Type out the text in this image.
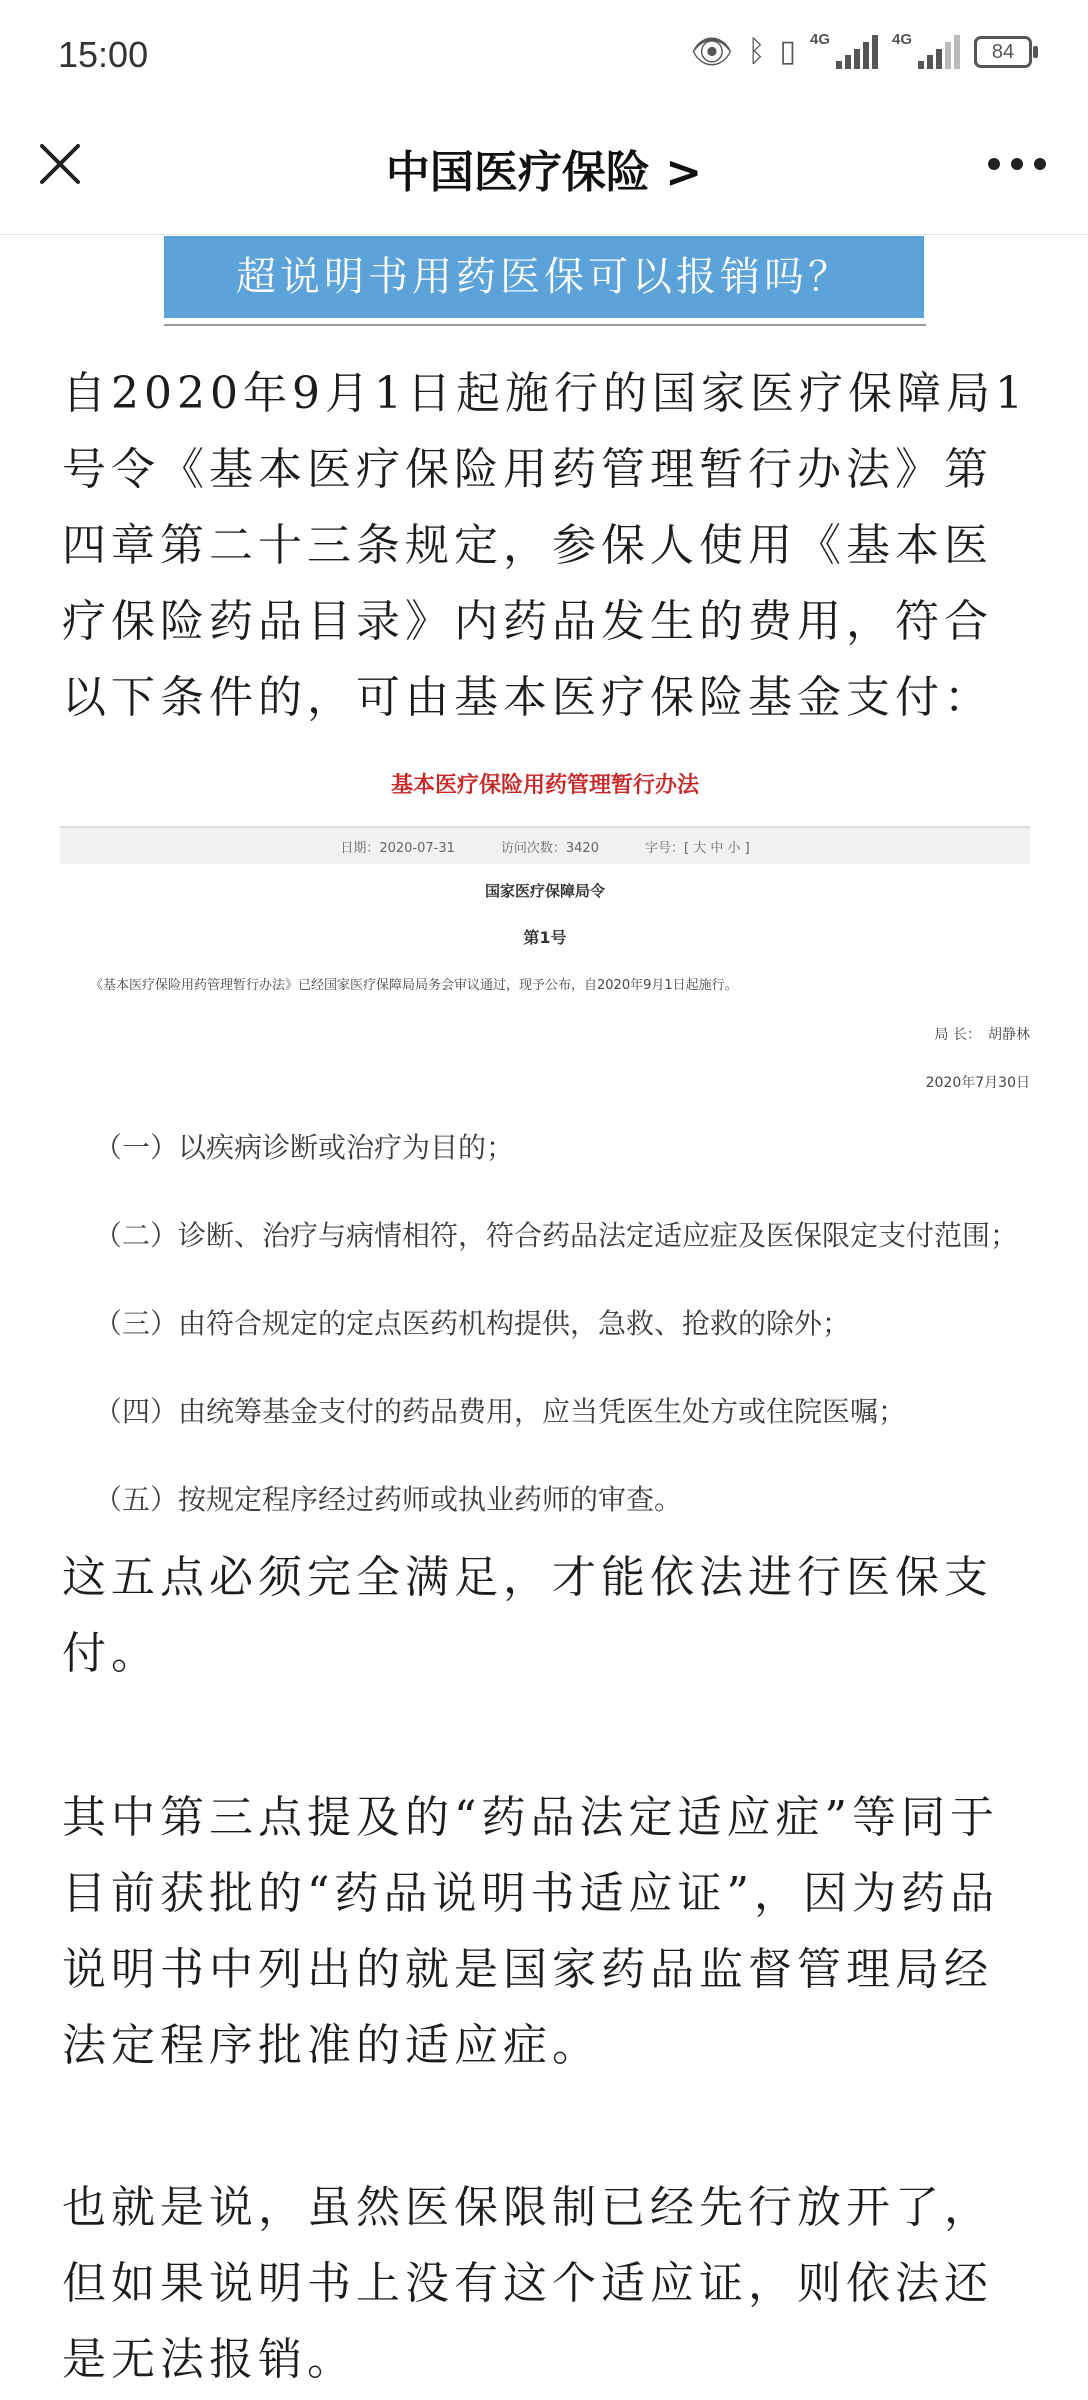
15:00	👁 ᛒ ▯ 4G	4G
84
中国医疗保险 >
超说明书用药医保可以报销吗？
自2020年9月1日起施行的国家医疗保障局1号令《基本医疗保险用药管理暂行办法》第四章第二十三条规定，参保人使用《基本医疗保险药品目录》内药品发生的费用，符合以下条件的，可由基本医疗保险基金支付：
基本医疗保险用药管理暂行办法
日期：2020-07-31	访问次数：3420	字号：[ 大 中 小 ]
国家医疗保障局令
第1号
《基本医疗保险用药管理暂行办法》已经国家医疗保障局局务会审议通过，现予公布，自2020年9月1日起施行。
局 长：　胡静林
2020年7月30日
（一）以疾病诊断或治疗为目的；
（二）诊断、治疗与病情相符，符合药品法定适应症及医保限定支付范围；
（三）由符合规定的定点医药机构提供，急救、抢救的除外；
（四）由统筹基金支付的药品费用，应当凭医生处方或住院医嘱；
（五）按规定程序经过药师或执业药师的审查。
这五点必须完全满足，才能依法进行医保支付。
其中第三点提及的“药品法定适应症”等同于目前获批的“药品说明书适应证”，因为药品说明书中列出的就是国家药品监督管理局经法定程序批准的适应症。
也就是说，虽然医保限制已经先行放开了，但如果说明书上没有这个适应证，则依法还是无法报销。
